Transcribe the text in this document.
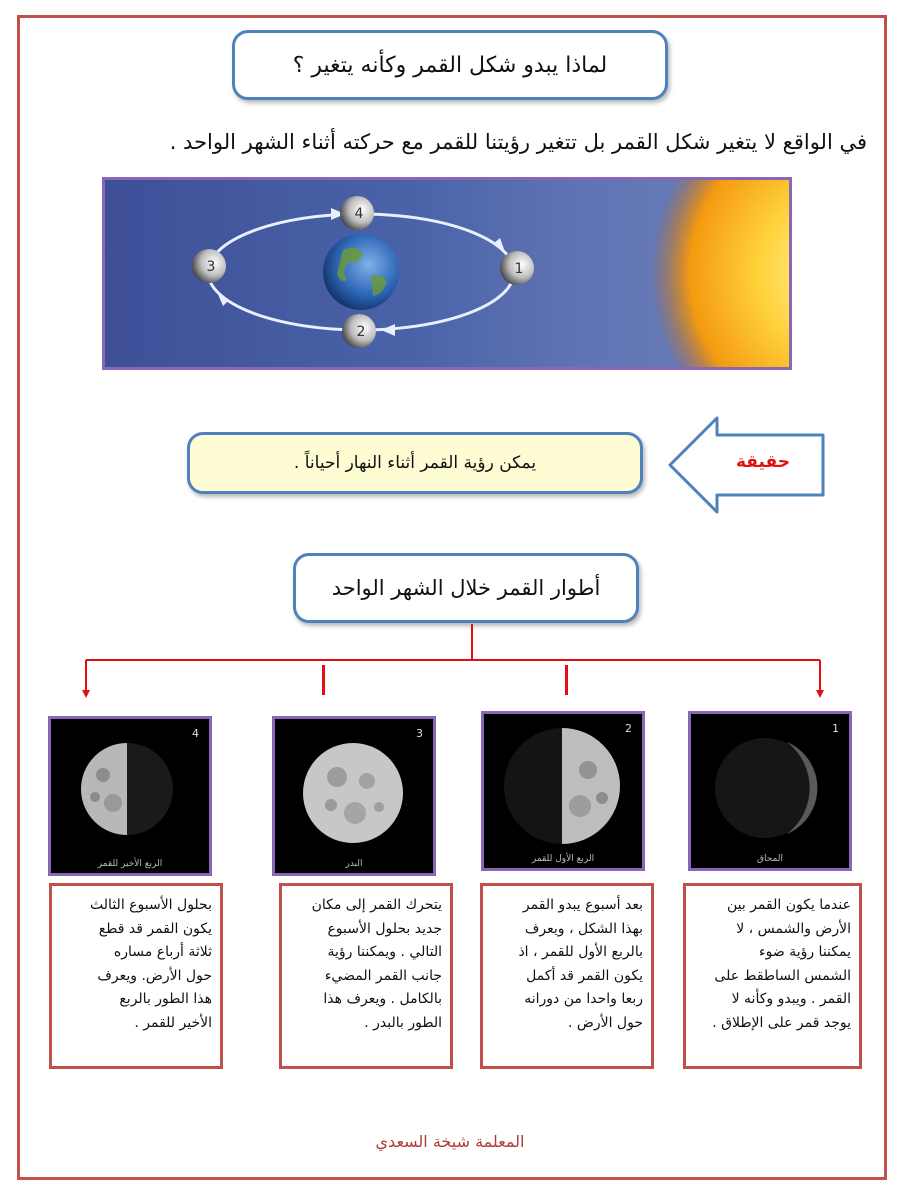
لماذا يبدو شكل القمر وكأنه يتغير ؟
في الواقع لا يتغير شكل القمر بل تتغير رؤيتنا للقمر مع حركته أثناء الشهر الواحد .
1
2
3
4
يمكن رؤية القمر أثناء النهار أحياناً .	حقيقة
أطوار القمر خلال الشهر الواحد
4
الربع الأخير للقمر
3
البدر
2
الربع الأول للقمر
1
المحاق

بحلول الأسبوع الثالث

يكون القمر قد قطع

ثلاثة أرباع مساره

حول الأرض. ويعرف

هذا الطور بالربع

الأخير للقمر .

يتحرك القمر إلى مكان

جديد بحلول الأسبوع

التالي . ويمكننا رؤية

جانب القمر المضيء

بالكامل . ويعرف هذا

الطور بالبدر .

بعد أسبوع يبدو القمر

بهذا الشكل ، ويعرف

بالربع الأول للقمر ، اذ

يكون القمر قد أكمل

ربعا واحدا من دورانه

حول الأرض .

عندما يكون القمر بين

الأرض والشمس ، لا

يمكننا رؤية ضوء

الشمس الساطقط على

القمر . ويبدو وكأنه لا

يوجد قمر على الإطلاق .

المعلمة شيخة السعدي
